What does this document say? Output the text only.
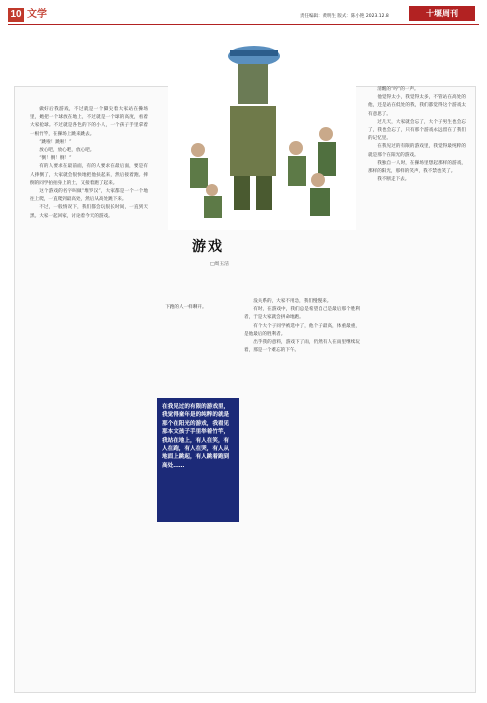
10 文学	责任编辑：黄明生 版式：陈小艳 2023.12.8	十堰周刊
游戏
□周玉洁

做好后我游戏，不过就是一个脚尖着大家站在操场里，她把一个球放在地上，不过就是一个球的高度，看着大家抢球。不过就是各色的下的小人，一个孩子手里拿着一根竹竿，在操场上跳来跳去。

“跳啦！跳啦！”

放心吧，放心吧，放心吧。

“倒！倒！倒！”

有的人要求在最前面，有的人要求在最后面，要是有人摔倒了，大家就会很快地把他扶起来，然后接着跑。摔倒的同学拍拍身上的土，又接着跑了起来。

这个游戏的名字叫做“堆罗汉”，大家都是一个一个地往上爬，一直爬到最高处，然后从高处跳下来。

不过，一般情况下，我们都会玩很长时间，一直到天黑。大家一起回家，讨论着今天的游戏。

下跑的人一样聊开。

在我见过的有限的游戏里，我觉得童年是的纯粹的就是那个在阳光的游戏，我看见那本文孩子手里举着竹竿，我站在地上，有人在笑，有人在跑，有人在哭，有人从地面上跳起，有人跳着跑到高处……

没关系的，大家不用急，我们慢慢来。

有时，在游戏中，我们总是希望自己是最后那个胜利者，于是大家就会拼命地跑。

有个大个子同学被选中了，他个子最高，体重最重，是他最后的胜利者。

出乎我的意料，游戏下了雨，仍然有人在雨里继续玩着，那是一个难忘的下午。

清醒的“哼”的一声。

他觉得太小，我觉得太多，不管站在高处的他，还是站在低处的我，我们都觉得这个游戏太有意思了。

过几天，大家就会忘了，大个子男生也会忘了，我也会忘了，只有那个游戏永远留在了我们的记忆里。

在我见过的有限的游戏里，我觉得最纯粹的就是那个在阳光的游戏。

我独自一人时，在操场里想起那样的游戏，那样的阳光，那样的笑声，我不禁也笑了。

我不断走下去。
